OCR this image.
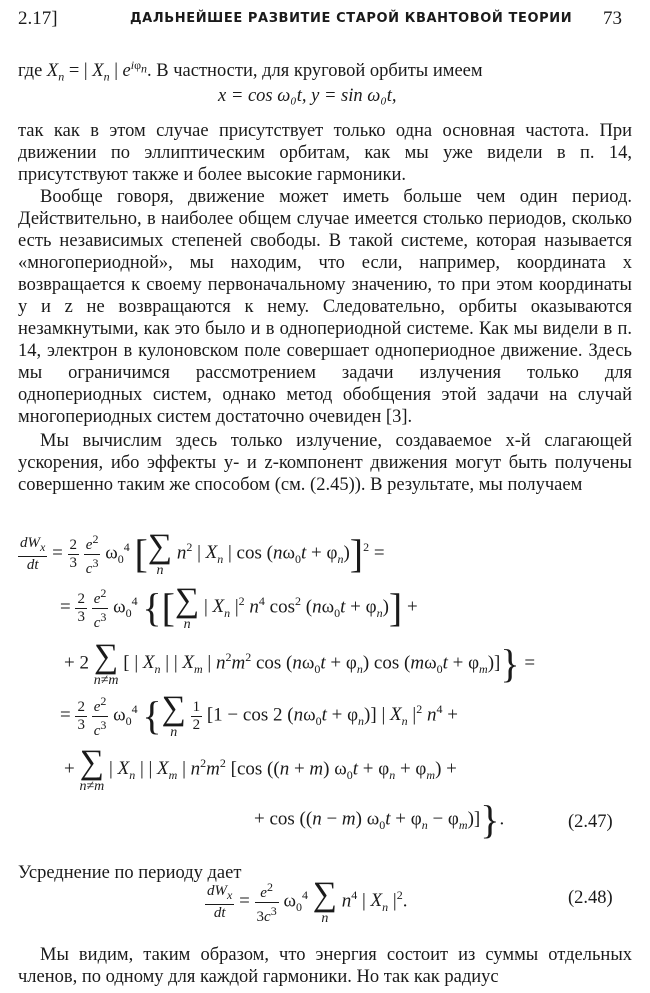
2.17]	ДАЛЬНЕЙШЕЕ РАЗВИТИЕ СТАРОЙ КВАНТОВОЙ ТЕОРИИ 73
где $X_n$ = | $X_n$ | $e^{i\varphi_n}$. В частности, для круговой орбиты имеем
x = cos ω₀t, y = sin ω₀t,

так как в этом случае присутствует только одна основная частота. При движении по эллиптическим орбитам, как мы уже видели в п. 14, присутствуют также и более высокие гармоники.

Вообще говоря, движение может иметь больше чем один период. Действительно, в наиболее общем случае имеется столько периодов, сколько есть независимых степеней свободы. В такой системе, которая называется «многопериодной», мы находим, что если, например, координата x возвращается к своему первоначальному значению, то при этом координаты y и z не возвращаются к нему. Следовательно, орбиты оказываются незамкнутыми, как это было и в однопериодной системе. Как мы видели в п. 14, электрон в кулоновском поле совершает однопериодное движение. Здесь мы ограничимся рассмотрением задачи излучения только для однопериодных систем, однако метод обобщения этой задачи на случай многопериодных систем достаточно очевиден [3].

Мы вычислим здесь только излучение, создаваемое x-й слагающей ускорения, ибо эффекты y- и z-компонент движения могут быть получены совершенно таким же способом (см. (2.45)). В результате, мы получаем

$\frac{dW_x}{dt} = \frac{2}{3}$
$\frac{e^2}{c^3} \omega_0^4$ [ ∑
n
$n^2$ | $X_n$ | $\cos (n\omega_0t + \varphi_n)]^2$ =
= $\frac{2}{3}$
$\frac{e^2}{c^3} \omega_0^4$ {[ ∑
n
| $X_n$ $|^2$ $n^4$ $\cos^2 (n\omega_0t + \varphi_n)$] +
+ 2 ∑
n≠m
[ | $X_n$ | | $X_m$ | $n^2m^2$ $\cos (n\omega_0t + \varphi_n)$ $\cos (m\omega_0t + \varphi_m)$]} =
= $\frac{2}{3}$
$\frac{e^2}{c^3} \omega_0^4$ { ∑
n
$\frac{1}{2} [1 - \cos 2$ $(n\omega_0t + \varphi_n)$] | $X_n$ $|^2$ $n^4$ +
+ ∑
n≠m
| $X_n$ | | $X_m$ | $n^2m^2$ [cos ((n + m) $\omega_0t + \varphi_n + \varphi_m$) +
+ cos ((n − m) $\omega_0t + \varphi_n - \varphi_m$)]}.	(2.47)

Усреднение по периоду дает

$\frac{dW_x}{dt} = \frac{e^2}{3c^3} \omega_0^4$ ∑
n
$n^4$ | $X_n$ $|^2$.	(2.48)

Мы видим, таким образом, что энергия состоит из суммы отдельных членов, по одному для каждой гармоники. Но так как радиус
